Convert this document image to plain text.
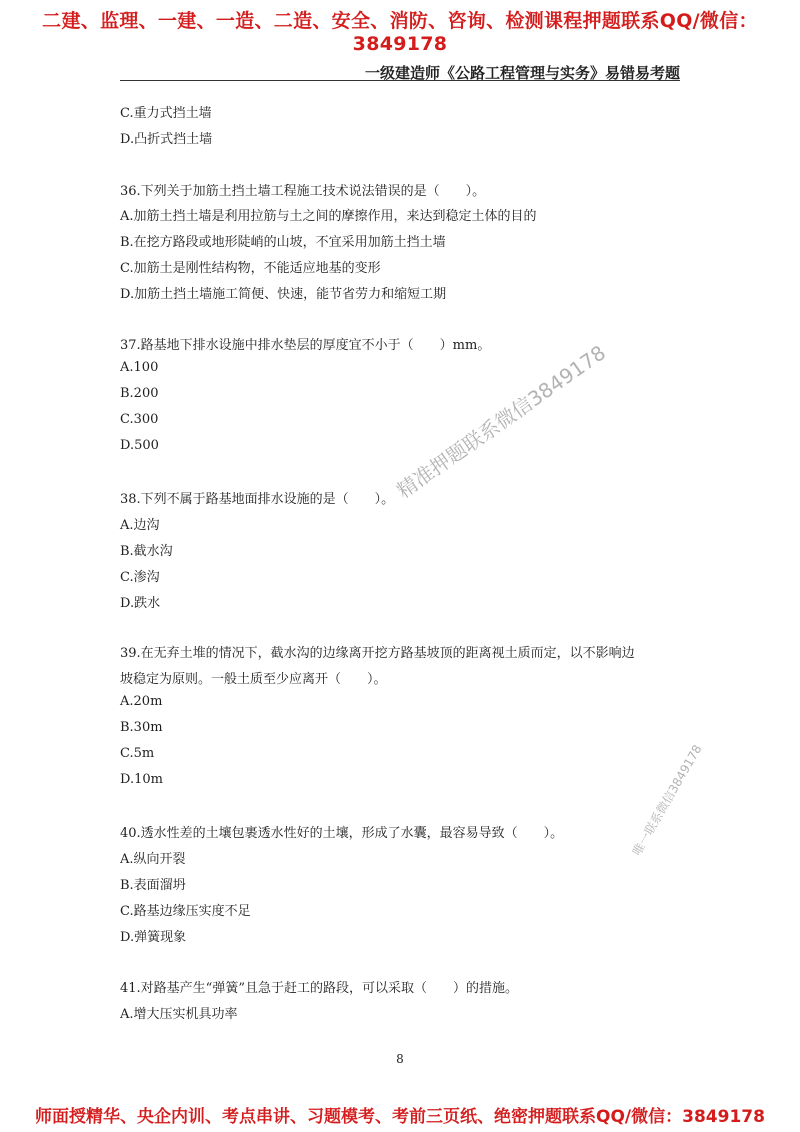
二建、监理、一建、一造、二造、安全、消防、咨询、检测课程押题联系QQ/微信：3849178
一级建造师《公路工程管理与实务》易错易考题
C.重力式挡土墙
D.凸折式挡土墙
36.下列关于加筋土挡土墙工程施工技术说法错误的是（　　）。
A.加筋土挡土墙是利用拉筋与土之间的摩擦作用，来达到稳定土体的目的
B.在挖方路段或地形陡峭的山坡，不宜采用加筋土挡土墙
C.加筋土是刚性结构物，不能适应地基的变形
D.加筋土挡土墙施工简便、快速，能节省劳力和缩短工期
37.路基地下排水设施中排水垫层的厚度宜不小于（　　）mm。
A.100
B.200
C.300
D.500
38.下列不属于路基地面排水设施的是（　　）。
A.边沟
B.截水沟
C.渗沟
D.跌水
39.在无弃土堆的情况下，截水沟的边缘离开挖方路基坡顶的距离视土质而定，以不影响边
坡稳定为原则。一般土质至少应离开（　　）。
A.20m
B.30m
C.5m
D.10m
40.透水性差的土壤包裹透水性好的土壤，形成了水囊，最容易导致（　　）。
A.纵向开裂
B.表面溜坍
C.路基边缘压实度不足
D.弹簧现象
41.对路基产生“弹簧”且急于赶工的路段，可以采取（　　）的措施。
A.增大压实机具功率
精准押题联系微信3849178
唯一联系微信3849178
8
师面授精华、央企内训、考点串讲、习题模考、考前三页纸、绝密押题联系QQ/微信：3849178
